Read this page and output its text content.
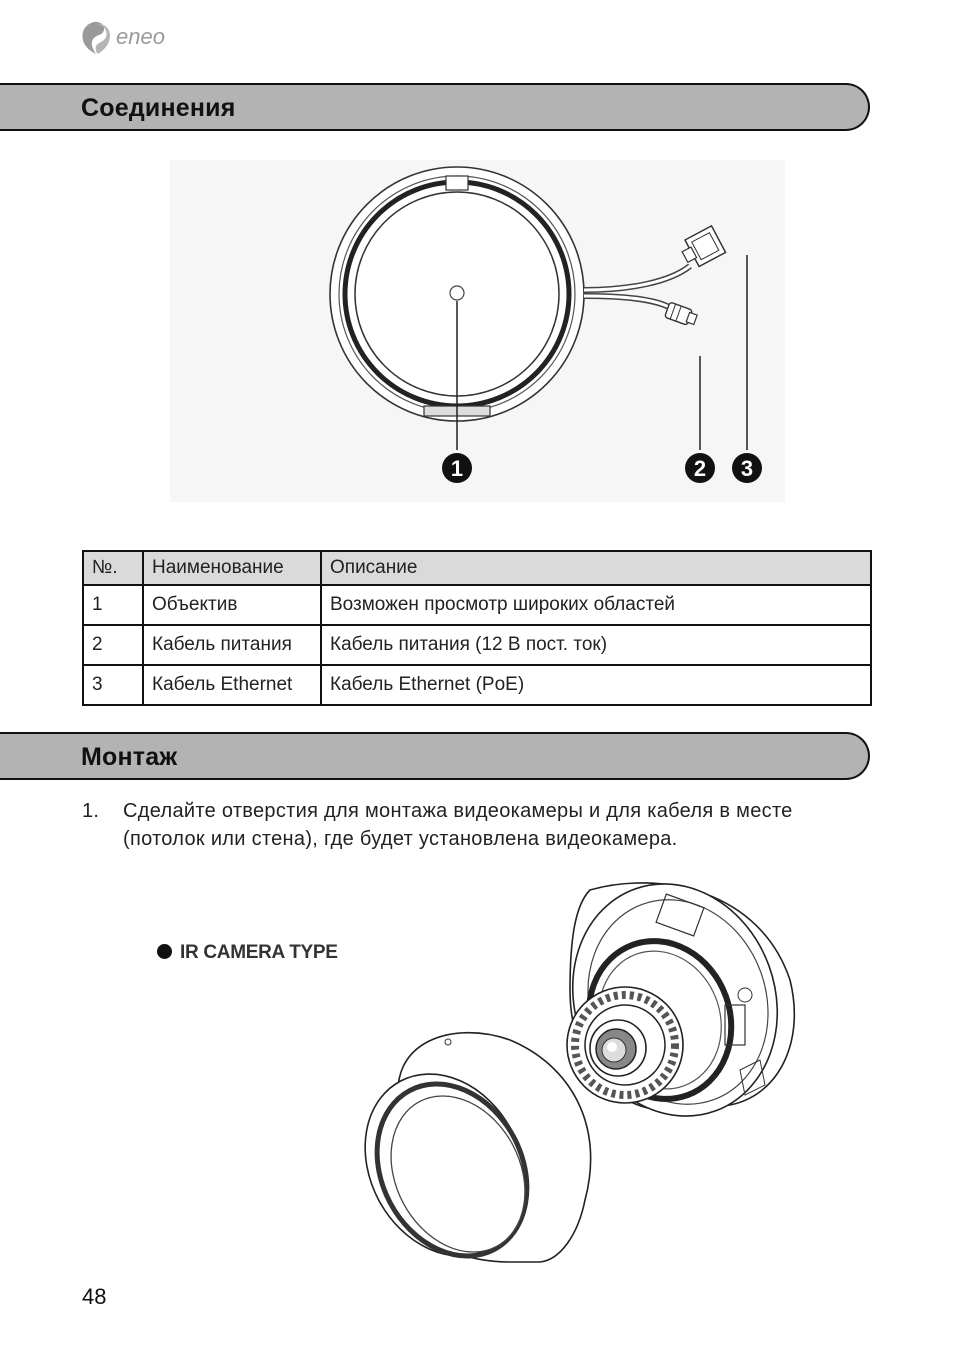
eneo
Соединения
1	2 3
№.	Наименование	Описание
1	Объектив	Возможен просмотр широких областей
2	Кабель питания	Кабель питания (12 В пост. ток)
3	Кабель Ethernet	Кабель Ethernet (PoE)
Монтаж
1. Сделайте отверстия для монтажа видеокамеры и для кабеля в месте (потолок или стена), где будет установлена видеокамера.
IR CAMERA TYPE
48
